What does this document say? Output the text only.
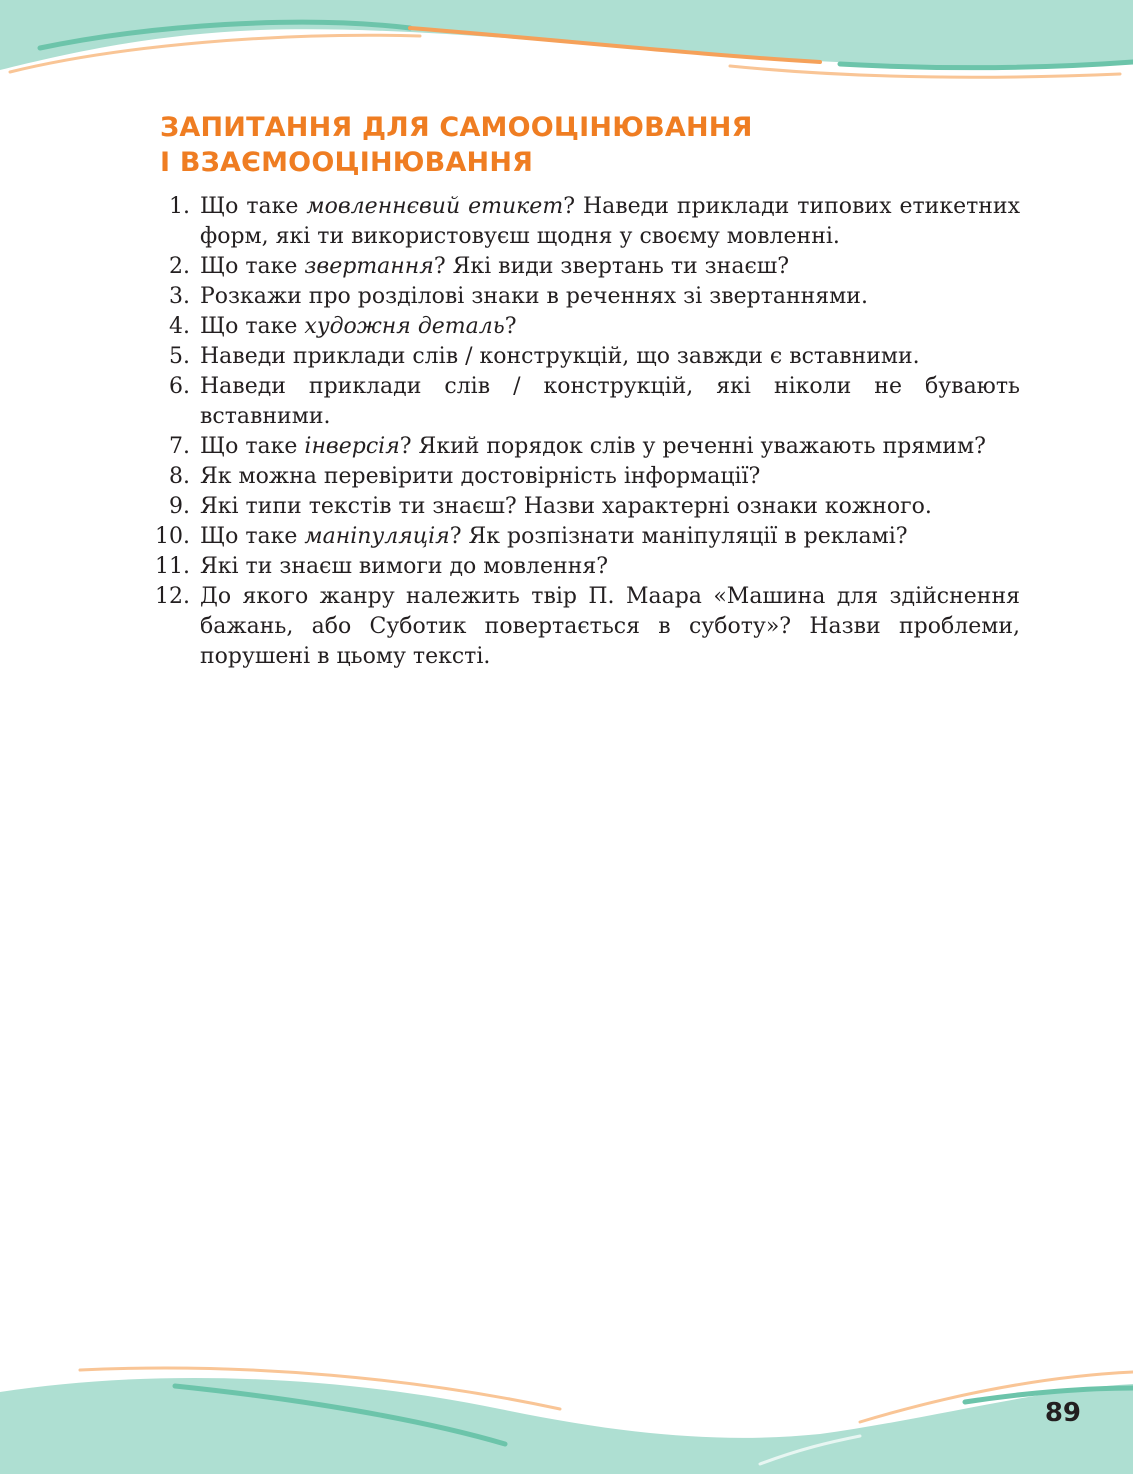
ЗАПИТАННЯ ДЛЯ САМООЦІНЮВАННЯ
І ВЗАЄМООЦІНЮВАННЯ
1. Що таке мовленнєвий етикет? Наведи приклади типових етикетних форм, які ти використовуєш щодня у своєму мовленні.
2. Що таке звертання? Які види звертань ти знаєш?
3. Розкажи про розділові знаки в реченнях зі звертаннями.
4. Що таке художня деталь?
5. Наведи приклади слів / конструкцій, що завжди є вставними.
6. Наведи приклади слів / конструкцій, які ніколи не бувають вставними.
7. Що таке інверсія? Який порядок слів у реченні уважають прямим?
8. Як можна перевірити достовірність інформації?
9. Які типи текстів ти знаєш? Назви характерні ознаки кожного.
10. Що таке маніпуляція? Як розпізнати маніпуляції в рекламі?
11. Які ти знаєш вимоги до мовлення?
12. До якого жанру належить твір П. Маара «Машина для здійснення бажань, або Суботик повертається в суботу»? Назви проблеми, порушені в цьому тексті.
89
